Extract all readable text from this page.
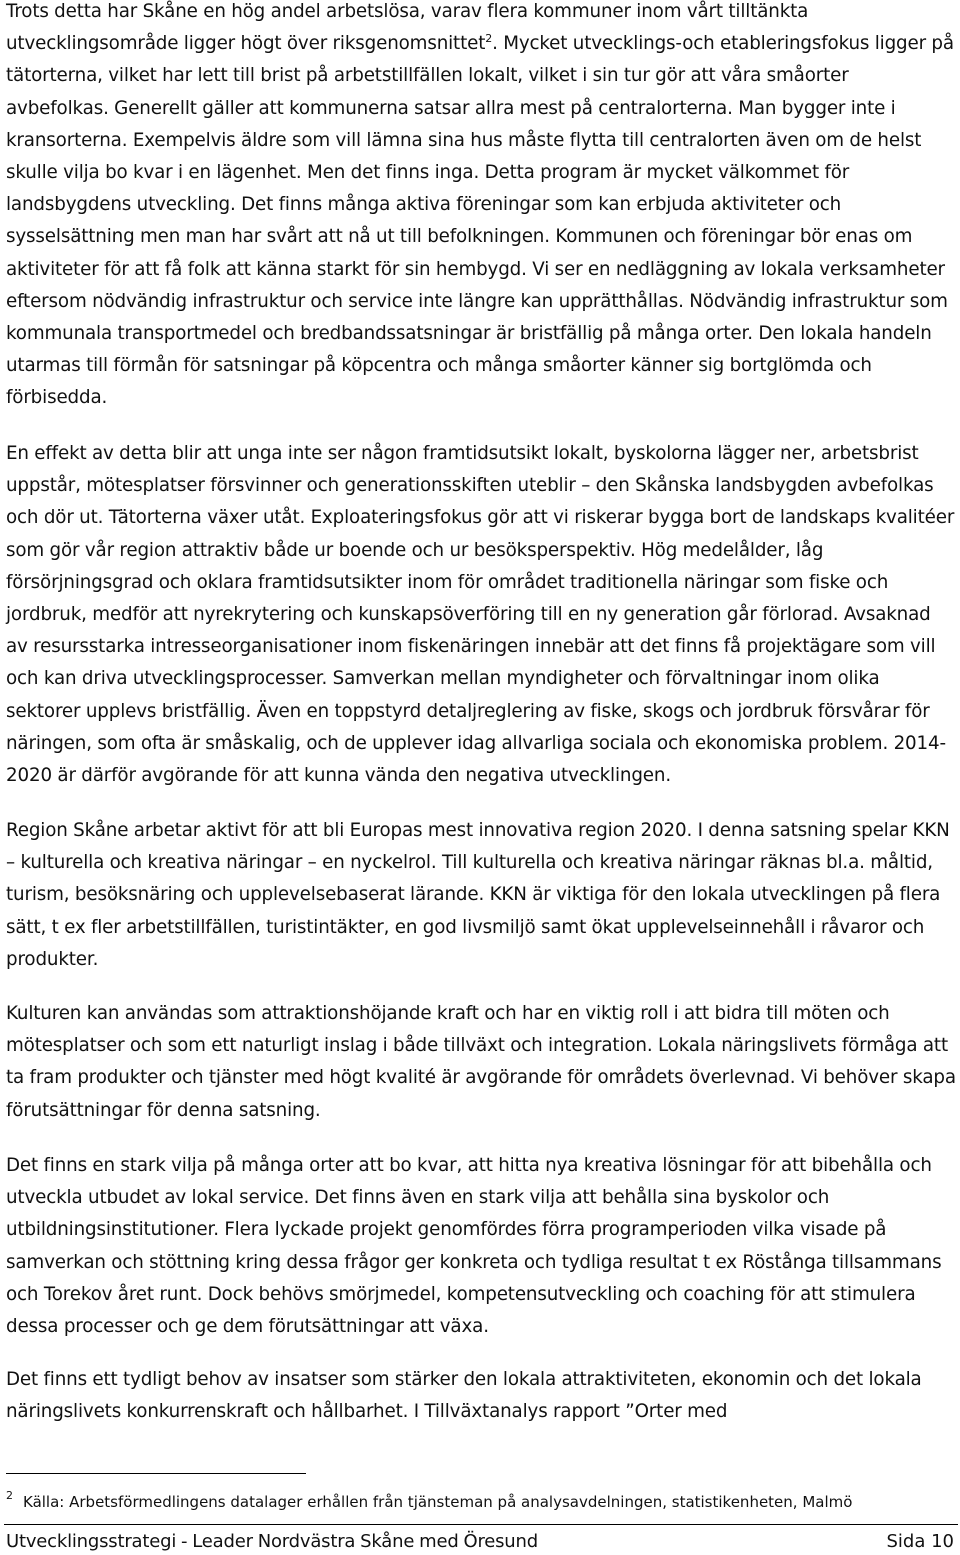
Trots detta har Skåne en hög andel arbetslösa, varav flera kommuner inom vårt tilltänkta utvecklingsområde ligger högt över riksgenomsnittet$^2$. Mycket utvecklings-och etableringsfokus ligger på tätorterna, vilket har lett till brist på arbetstillfällen lokalt, vilket i sin tur gör att våra småorter avbefolkas. Generellt gäller att kommunerna satsar allra mest på centralorterna. Man bygger inte i kransorterna. Exempelvis äldre som vill lämna sina hus måste flytta till centralorten även om de helst skulle vilja bo kvar i en lägenhet. Men det finns inga. Detta program är mycket välkommet för landsbygdens utveckling. Det finns många aktiva föreningar som kan erbjuda aktiviteter och sysselsättning men man har svårt att nå ut till befolkningen. Kommunen och föreningar bör enas om aktiviteter för att få folk att känna starkt för sin hembygd. Vi ser en nedläggning av lokala verksamheter eftersom nödvändig infrastruktur och service inte längre kan upprätthållas. Nödvändig infrastruktur som kommunala transportmedel och bredbandssatsningar är bristfällig på många orter. Den lokala handeln utarmas till förmån för satsningar på köpcentra och många småorter känner sig bortglömda och förbisedda.

En effekt av detta blir att unga inte ser någon framtidsutsikt lokalt, byskolorna lägger ner, arbetsbrist uppstår, mötesplatser försvinner och generationsskiften uteblir – den Skånska landsbygden avbefolkas och dör ut. Tätorterna växer utåt. Exploateringsfokus gör att vi riskerar bygga bort de landskaps kvalitéer som gör vår region attraktiv både ur boende och ur besöksperspektiv. Hög medelålder, låg försörjningsgrad och oklara framtidsutsikter inom för området traditionella näringar som fiske och jordbruk, medför att nyrekrytering och kunskapsöverföring till en ny generation går förlorad. Avsaknad av resursstarka intresseorganisationer inom fiskenäringen innebär att det finns få projektägare som vill och kan driva utvecklingsprocesser. Samverkan mellan myndigheter och förvaltningar inom olika sektorer upplevs bristfällig. Även en toppstyrd detaljreglering av fiske, skogs och jordbruk försvårar för näringen, som ofta är småskalig, och de upplever idag allvarliga sociala och ekonomiska problem. 2014-2020 är därför avgörande för att kunna vända den negativa utvecklingen.

Region Skåne arbetar aktivt för att bli Europas mest innovativa region 2020. I denna satsning spelar KKN – kulturella och kreativa näringar – en nyckelrol. Till kulturella och kreativa näringar räknas bl.a. måltid, turism, besöksnäring och upplevelsebaserat lärande. KKN är viktiga för den lokala utvecklingen på flera sätt, t ex fler arbetstillfällen, turistintäkter, en god livsmiljö samt ökat upplevelseinnehåll i råvaror och produkter.

Kulturen kan användas som attraktionshöjande kraft och har en viktig roll i att bidra till möten och mötesplatser och som ett naturligt inslag i både tillväxt och integration. Lokala näringslivets förmåga att ta fram produkter och tjänster med högt kvalité är avgörande för områdets överlevnad. Vi behöver skapa förutsättningar för denna satsning.

Det finns en stark vilja på många orter att bo kvar, att hitta nya kreativa lösningar för att bibehålla och utveckla utbudet av lokal service. Det finns även en stark vilja att behålla sina byskolor och utbildningsinstitutioner. Flera lyckade projekt genomfördes förra programperioden vilka visade på samverkan och stöttning kring dessa frågor ger konkreta och tydliga resultat t ex Röstånga tillsammans och Torekov året runt. Dock behövs smörjmedel, kompetensutveckling och coaching för att stimulera dessa processer och ge dem förutsättningar att växa.

Det finns ett tydligt behov av insatser som stärker den lokala attraktiviteten, ekonomin och det lokala näringslivets konkurrenskraft och hållbarhet. I Tillväxtanalys rapport ”Orter med

$^2$ Källa: Arbetsförmedlingens datalager erhållen från tjänsteman på analysavdelningen, statistikenheten, Malmö

Utvecklingsstrategi - Leader Nordvästra Skåne med Öresund	Sida 10
